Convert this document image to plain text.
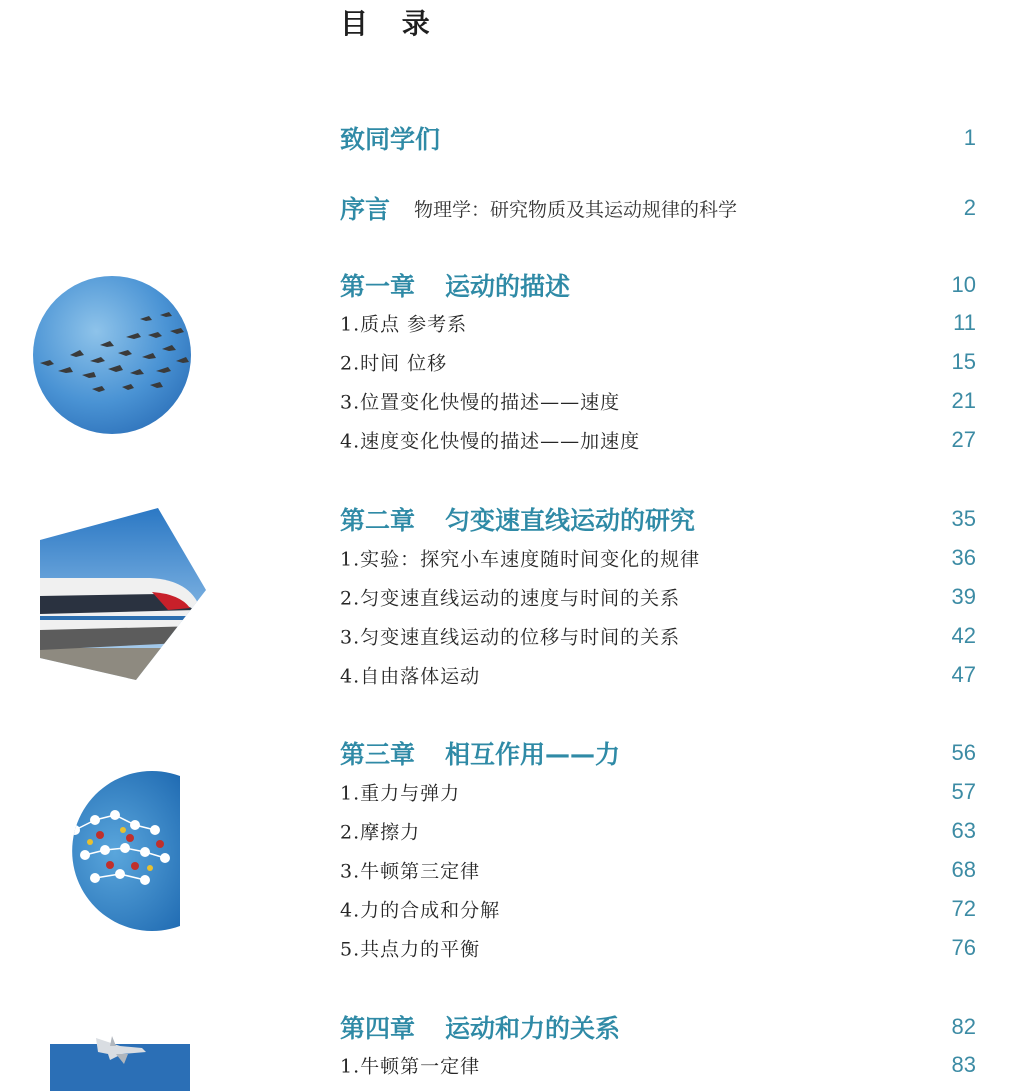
目 录
致同学们	1
序言 物理学：研究物质及其运动规律的科学	2
第一章 运动的描述	10
1.质点 参考系	11
2.时间 位移	15
3.位置变化快慢的描述——速度	21
4.速度变化快慢的描述——加速度	27
第二章 匀变速直线运动的研究	35
1.实验：探究小车速度随时间变化的规律	36
2.匀变速直线运动的速度与时间的关系	39
3.匀变速直线运动的位移与时间的关系	42
4.自由落体运动	47
第三章 相互作用——力	56
1.重力与弹力	57
2.摩擦力	63
3.牛顿第三定律	68
4.力的合成和分解	72
5.共点力的平衡	76
第四章 运动和力的关系	82
1.牛顿第一定律	83
